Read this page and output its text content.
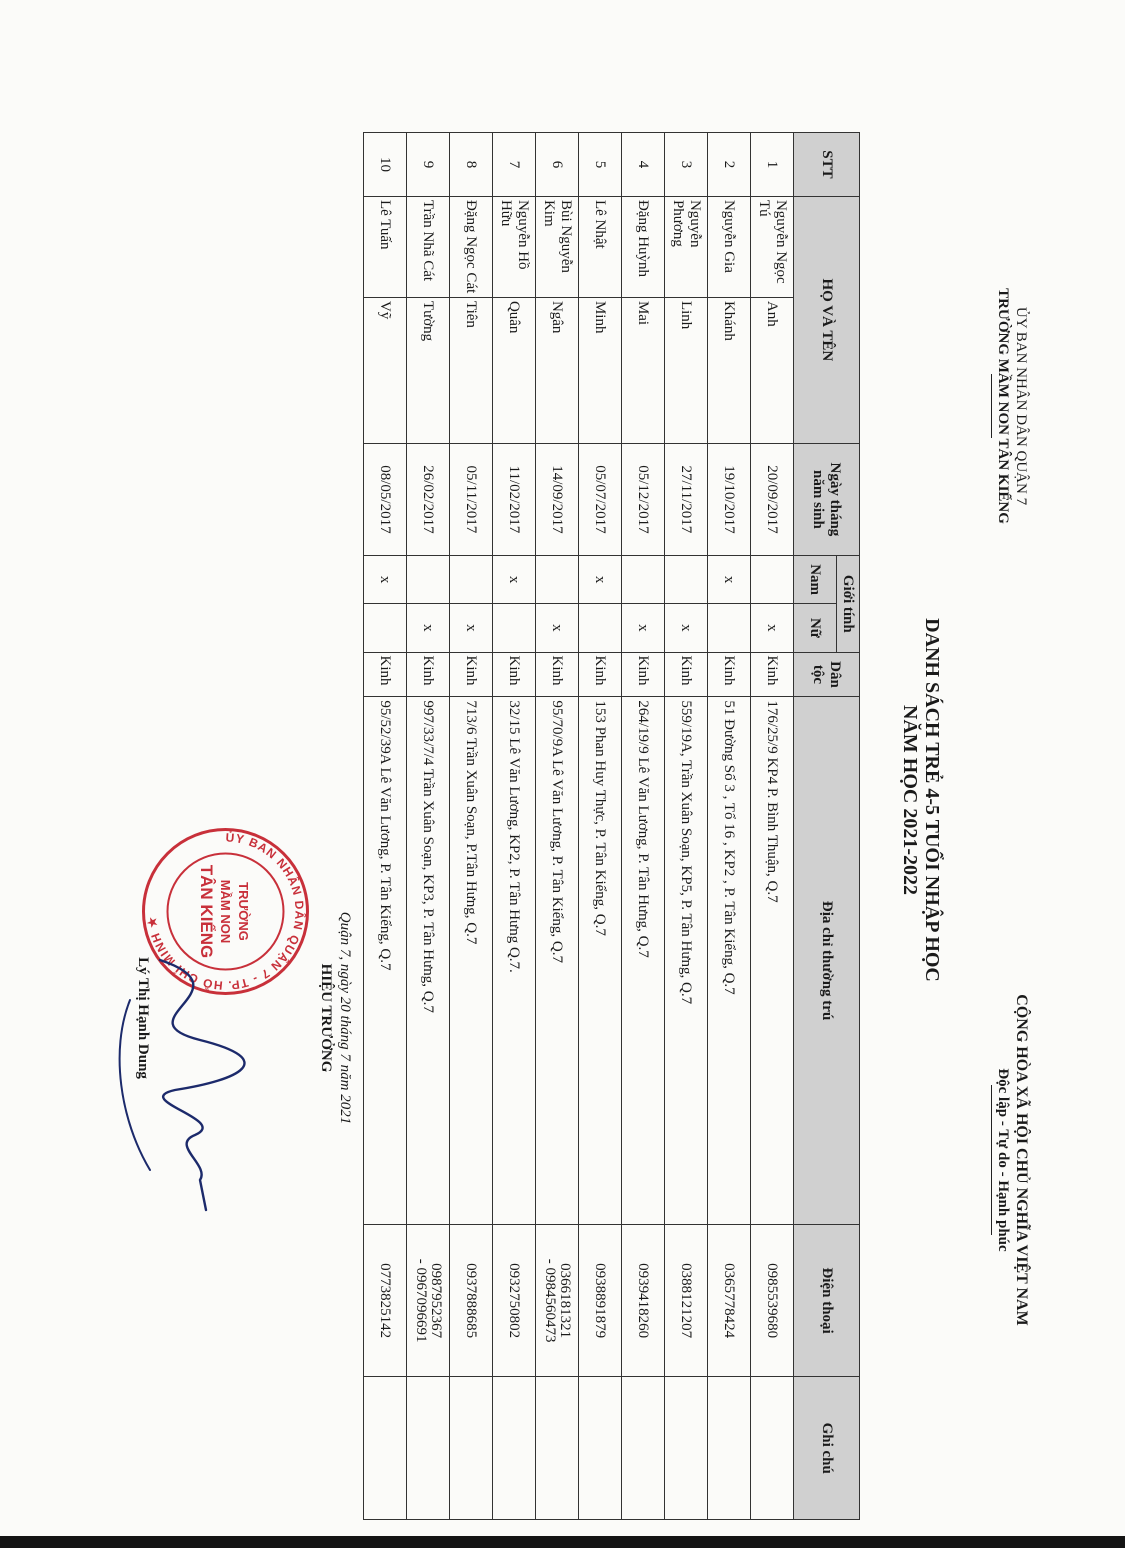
ỦY BAN NHÂN DÂN QUẬN 7
TRƯỜNG MẦM NON TÂN KIỂNG
CỘNG HÒA XÃ HỘI CHỦ NGHĨA VIỆT NAM
Độc lập - Tự do - Hạnh phúc
DANH SÁCH TRẺ 4-5 TUỔI NHẬP HỌC
NĂM HỌC 2021-2022
STT	HỌ VÀ TÊN		Ngày tháng năm sinh	Giới tính		Dân tộc	Địa chỉ thường trú	Điện thoại	Ghi chú
				Nam	Nữ				
1	Nguyễn Ngọc Tú	Anh	20/09/2017		x	Kinh	176/25/9 KP4 P. Bình Thuận, Q.7	0985539680	

2	Nguyễn Gia	Khánh	19/10/2017	x		Kinh	51 Đường Số 3 , Tổ 16 , KP2 , P. Tân Kiểng, Q.7	0365778424	

3	Nguyễn Phương	Linh	27/11/2017		x	Kinh	559/19A, Trần Xuân Soạn, KP5, P. Tân Hưng, Q.7	0388121207	

4	Đặng Huỳnh	Mai	05/12/2017		x	Kinh	264/19/9 Lê Văn Lương, P. Tân Hưng, Q.7	0939418260	

5	Lê Nhật	Minh	05/07/2017	x		Kinh	153 Phan Huy Thực, P. Tân Kiểng, Q.7	0938891879	

6	Bùi Nguyễn Kim	Ngân	14/09/2017		x	Kinh	95/70/9A Lê Văn Lương, P. Tân Kiểng, Q.7	0366181321
- 0984560473	

7	Nguyễn Hồ Hữu	Quân	11/02/2017	x		Kinh	32/15 Lê Văn Lương, KP2, P. Tân Hưng Q.7.	0932750802	

8	Đặng Ngọc Cát	Tiên	05/11/2017		x	Kinh	713/6 Trần Xuân Soạn, P.Tân Hưng, Q.7	0937888685	

9	Trần Nhã Cát	Tường	26/02/2017		x	Kinh	997/33/7/4 Trần Xuân Soạn, KP3, P. Tân Hưng, Q.7	0987952367
- 0967096691	

10	Lê Tuấn	Vỹ	08/05/2017	x		Kinh	95/52/39A Lê Văn Lương, P. Tân Kiểng, Q.7	0773825142	

ỦY BAN NHÂN DÂN QUẬN 7 - TP. HỒ CHÍ MINH ★	TRƯỜNG
MẦM NON
TÂN KIỂNG
Quận 7, ngày 20 tháng 7 năm 2021
HIỆU TRƯỞNG
Lý Thị Hạnh Dung
